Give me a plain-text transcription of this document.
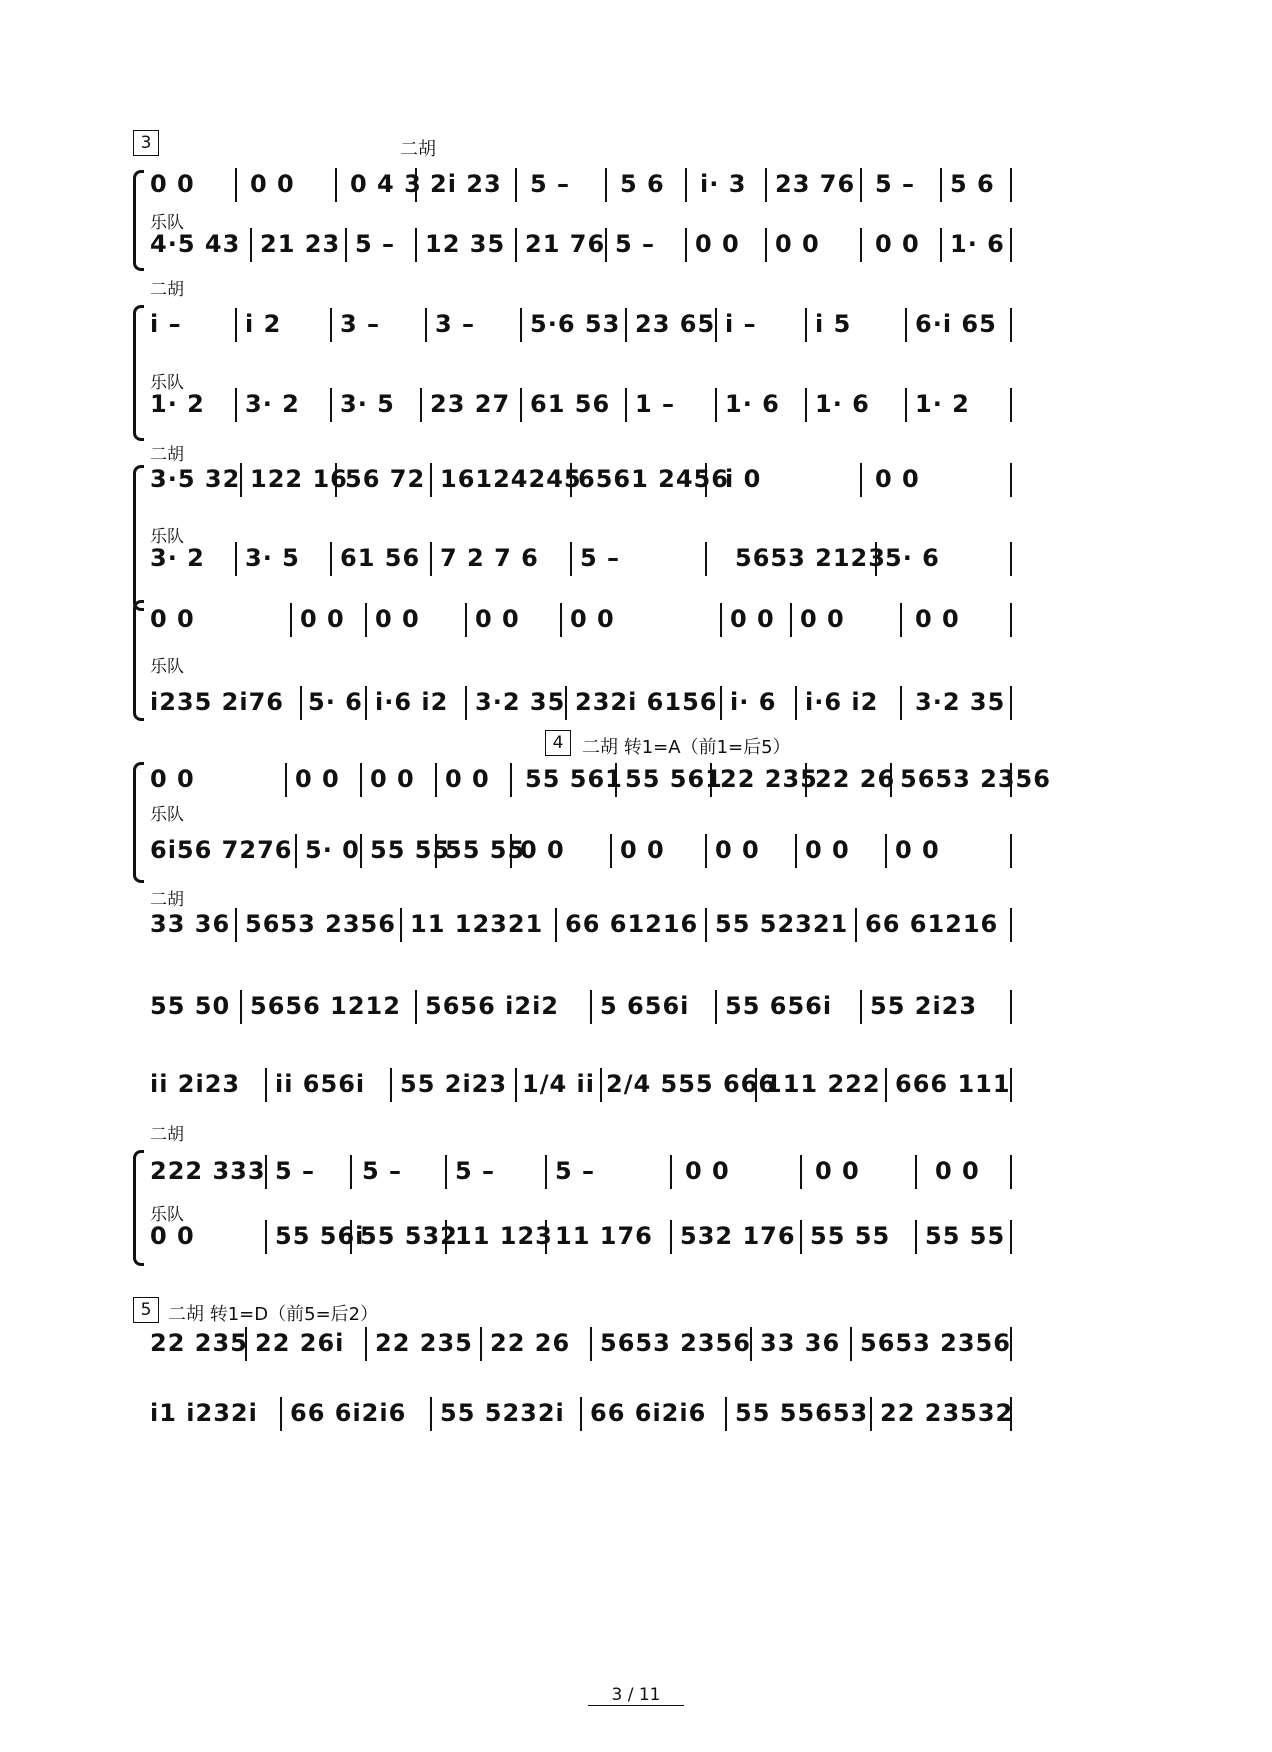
3	二胡
0 0 0 0 0 4 3 2i 23 5 – 5 6 i· 3 23 76 5 – 5 6
乐队
4·5 43 21 23 5 – 12 35 21 76 5 – 0 0 0 0 0 0 1· 6
二胡
i –	i 2 3 – 3 – 5·6 53 23 65 i – i 5	6·i 65
乐队
1· 2 3· 2 3· 5 23 27 61 56 1 – 1· 6 1· 6 1· 2
二胡
3·5 32 122 16
56 72 16124245
6561 2456
i 0	0 0
乐队
3· 2 3· 5 61 56 7 2 7 6 5 –	5653 2123 5· 6
0 0	0 0 0 0 0 0 0 0	0 0 0 0	0 0
乐队
i235 2i76 5· 6 i·6 i2 3·2 35 232i 6156 i· 6 i·6 i2 3·2 35
4	二胡 转1=A（前1=后5）
0 0	0 0 0 0 0 0 55 561 55 561
22 235
22 26 5653 2356
乐队
6i56 7276 5· 0 55 55
55 55
0 0 0 0 0 0 0 0 0 0
二胡
33 36 5653 2356 11 12321 66 61216 55 52321 66 61216
55 50 5656 1212 5656 i2i2 5 656i 55 656i 55 2i23
ii 2i23 ii 656i 55 2i23 1/4 ii 2/4 555 666
111 222 666 111
二胡
222 333 5 – 5 – 5 – 5 –	0 0	0 0	0 0
乐队
0 0	55 56i
55 532
11 123 11 176 532 176 55 55 55 55
5 二胡 转1=D（前5=后2）
22 235 22 26i 22 235 22 26 5653 2356 33 36 5653 2356
i1 i232i 66 6i2i6 55 5232i 66 6i2i6 55 55653 22 23532
3 / 11
